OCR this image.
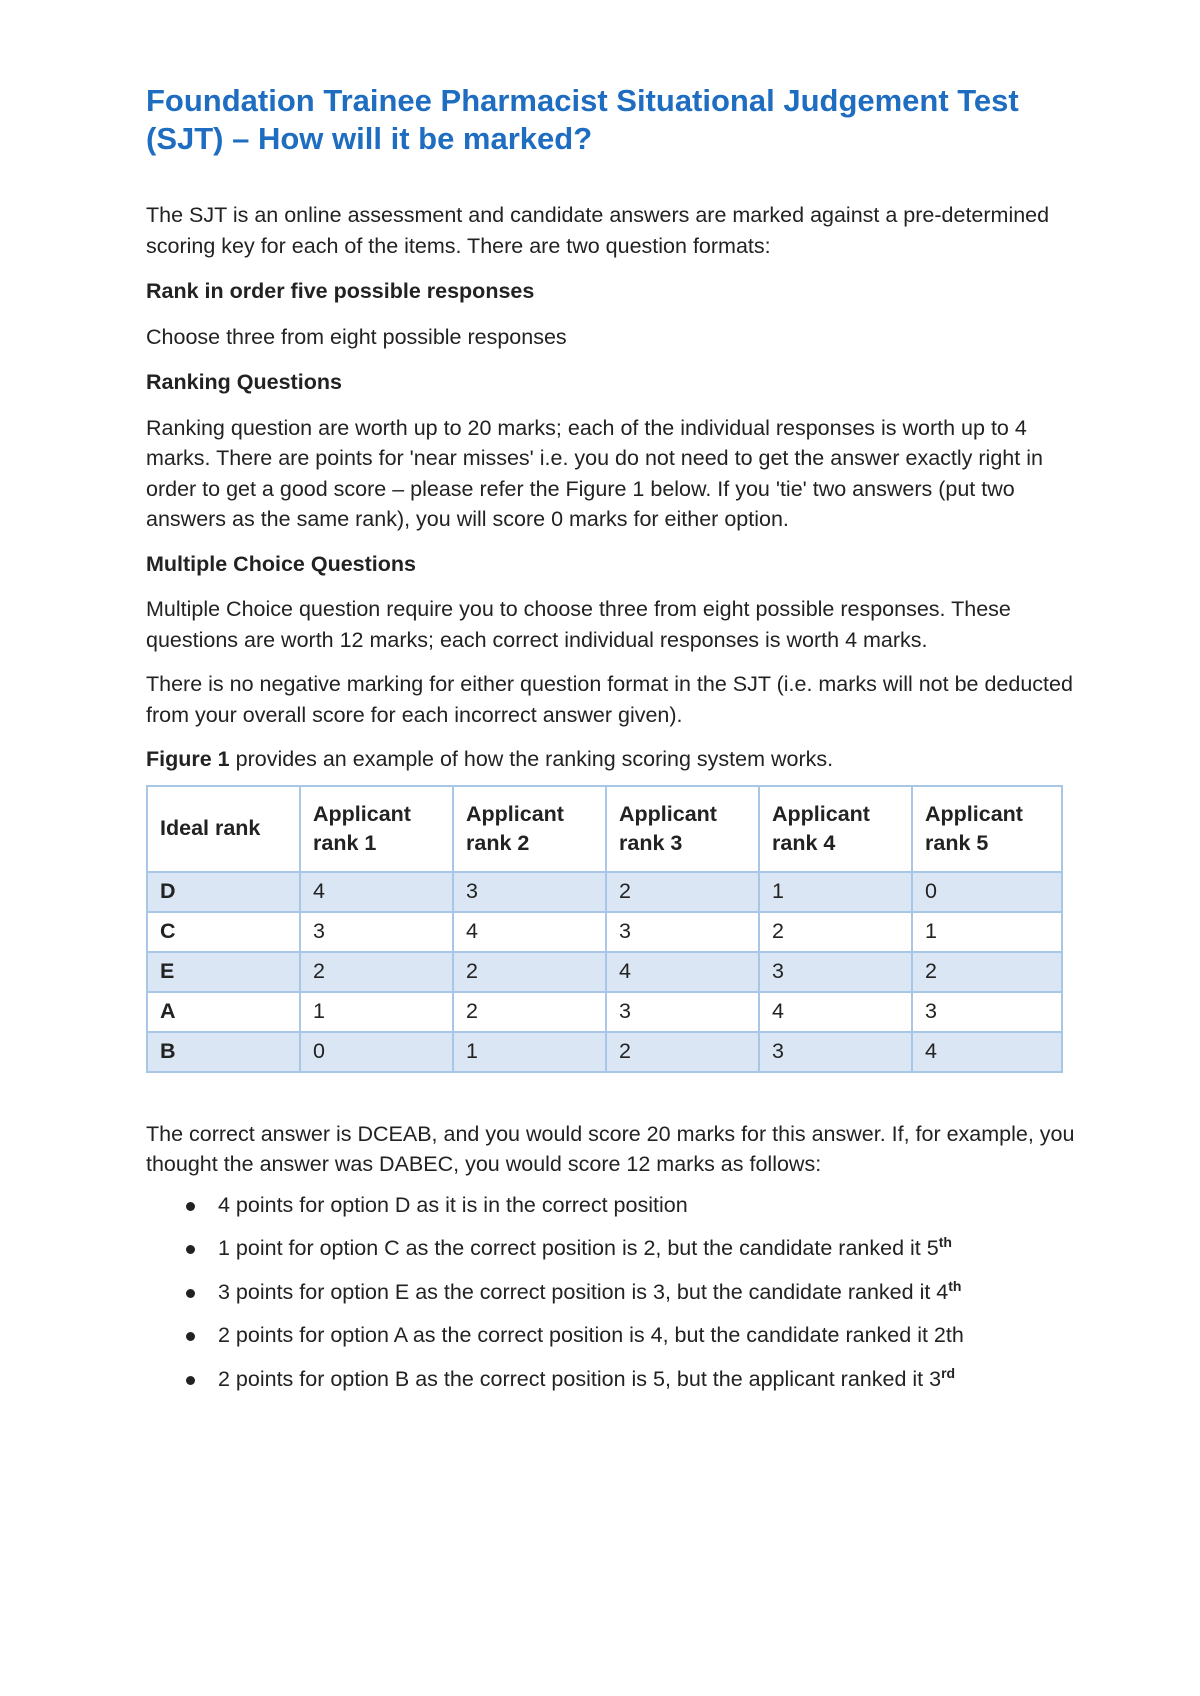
Foundation Trainee Pharmacist Situational Judgement Test (SJT) – How will it be marked?

The SJT is an online assessment and candidate answers are marked against a pre-determined scoring key for each of the items. There are two question formats:

Rank in order five possible responses

Choose three from eight possible responses

Ranking Questions

Ranking question are worth up to 20 marks; each of the individual responses is worth up to 4 marks. There are points for 'near misses' i.e. you do not need to get the answer exactly right in order to get a good score – please refer the Figure 1 below. If you 'tie' two answers (put two answers as the same rank), you will score 0 marks for either option.

Multiple Choice Questions

Multiple Choice question require you to choose three from eight possible responses. These questions are worth 12 marks; each correct individual responses is worth 4 marks.

There is no negative marking for either question format in the SJT (i.e. marks will not be deducted from your overall score for each incorrect answer given).

Figure 1 provides an example of how the ranking scoring system works.

Ideal rank	Applicant rank 1	Applicant rank 2	Applicant rank 3	Applicant rank 4	Applicant rank 5
D	4	3	2	1	0
C	3	4	3	2	1
E	2	2	4	3	2
A	1	2	3	4	3
B	0	1	2	3	4

The correct answer is DCEAB, and you would score 20 marks for this answer. If, for example, you thought the answer was DABEC, you would score 12 marks as follows:

4 points for option D as it is in the correct position
1 point for option C as the correct position is 2, but the candidate ranked it 5th
3 points for option E as the correct position is 3, but the candidate ranked it 4th
2 points for option A as the correct position is 4, but the candidate ranked it 2th
2 points for option B as the correct position is 5, but the applicant ranked it 3rd
